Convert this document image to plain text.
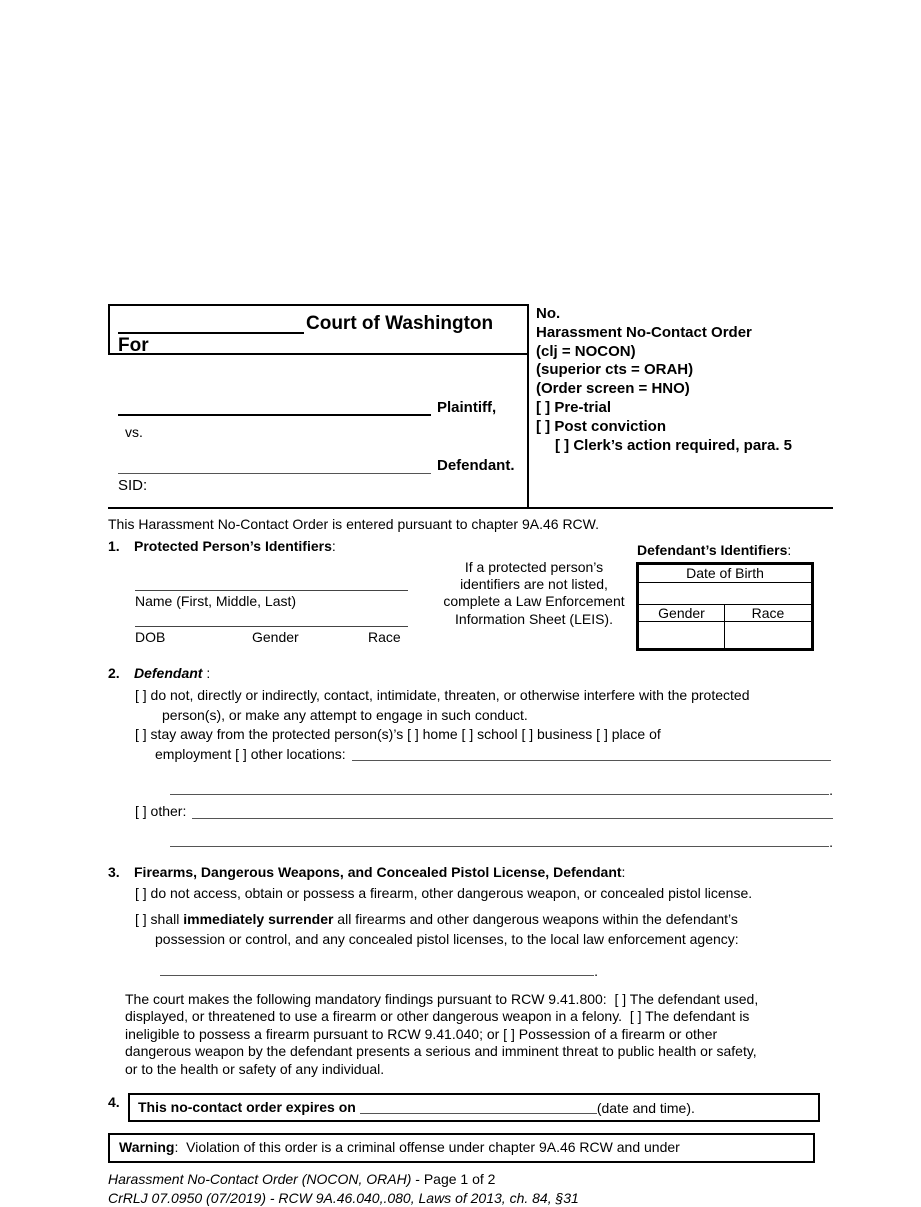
Court of Washington
For
Plaintiff,
vs.
Defendant.
SID:
No.
Harassment No-Contact Order
(clj = NOCON)
(superior cts = ORAH)
(Order screen = HNO)
[ ] Pre-trial
[ ] Post conviction
[ ] Clerk’s action required, para. 5
This Harassment No-Contact Order is entered pursuant to chapter 9A.46 RCW.
1. Protected Person’s Identifiers:	Defendant’s Identifiers:
Name (First, Middle, Last)
DOB	Gender	Race
If a protected person’s identifiers are not listed, complete a Law Enforcement Information Sheet (LEIS).
Date of Birth
Gender	Race
2. Defendant :
[ ] do not, directly or indirectly, contact, intimidate, threaten, or otherwise interfere with the protected
person(s), or make any attempt to engage in such conduct.
[ ] stay away from the protected person(s)’s [ ] home [ ] school [ ] business [ ] place of
employment [ ] other locations:
.
[ ] other:
.
3. Firearms, Dangerous Weapons, and Concealed Pistol License, Defendant:
[ ] do not access, obtain or possess a firearm, other dangerous weapon, or concealed pistol license.
[ ] shall immediately surrender all firearms and other dangerous weapons within the defendant’s
possession or control, and any concealed pistol licenses, to the local law enforcement agency:
.
The court makes the following mandatory findings pursuant to RCW 9.41.800:  [ ] The defendant used,
displayed, or threatened to use a firearm or other dangerous weapon in a felony.  [ ] The defendant is
ineligible to possess a firearm pursuant to RCW 9.41.040; or [ ] Possession of a firearm or other
dangerous weapon by the defendant presents a serious and imminent threat to public health or safety,
or to the health or safety of any individual.
4.	This no-contact order expires on	(date and time).
Warning:  Violation of this order is a criminal offense under chapter 9A.46 RCW and under
Harassment No-Contact Order (NOCON, ORAH) - Page 1 of 2
CrRLJ 07.0950 (07/2019) - RCW 9A.46.040,.080, Laws of 2013, ch. 84, §31
